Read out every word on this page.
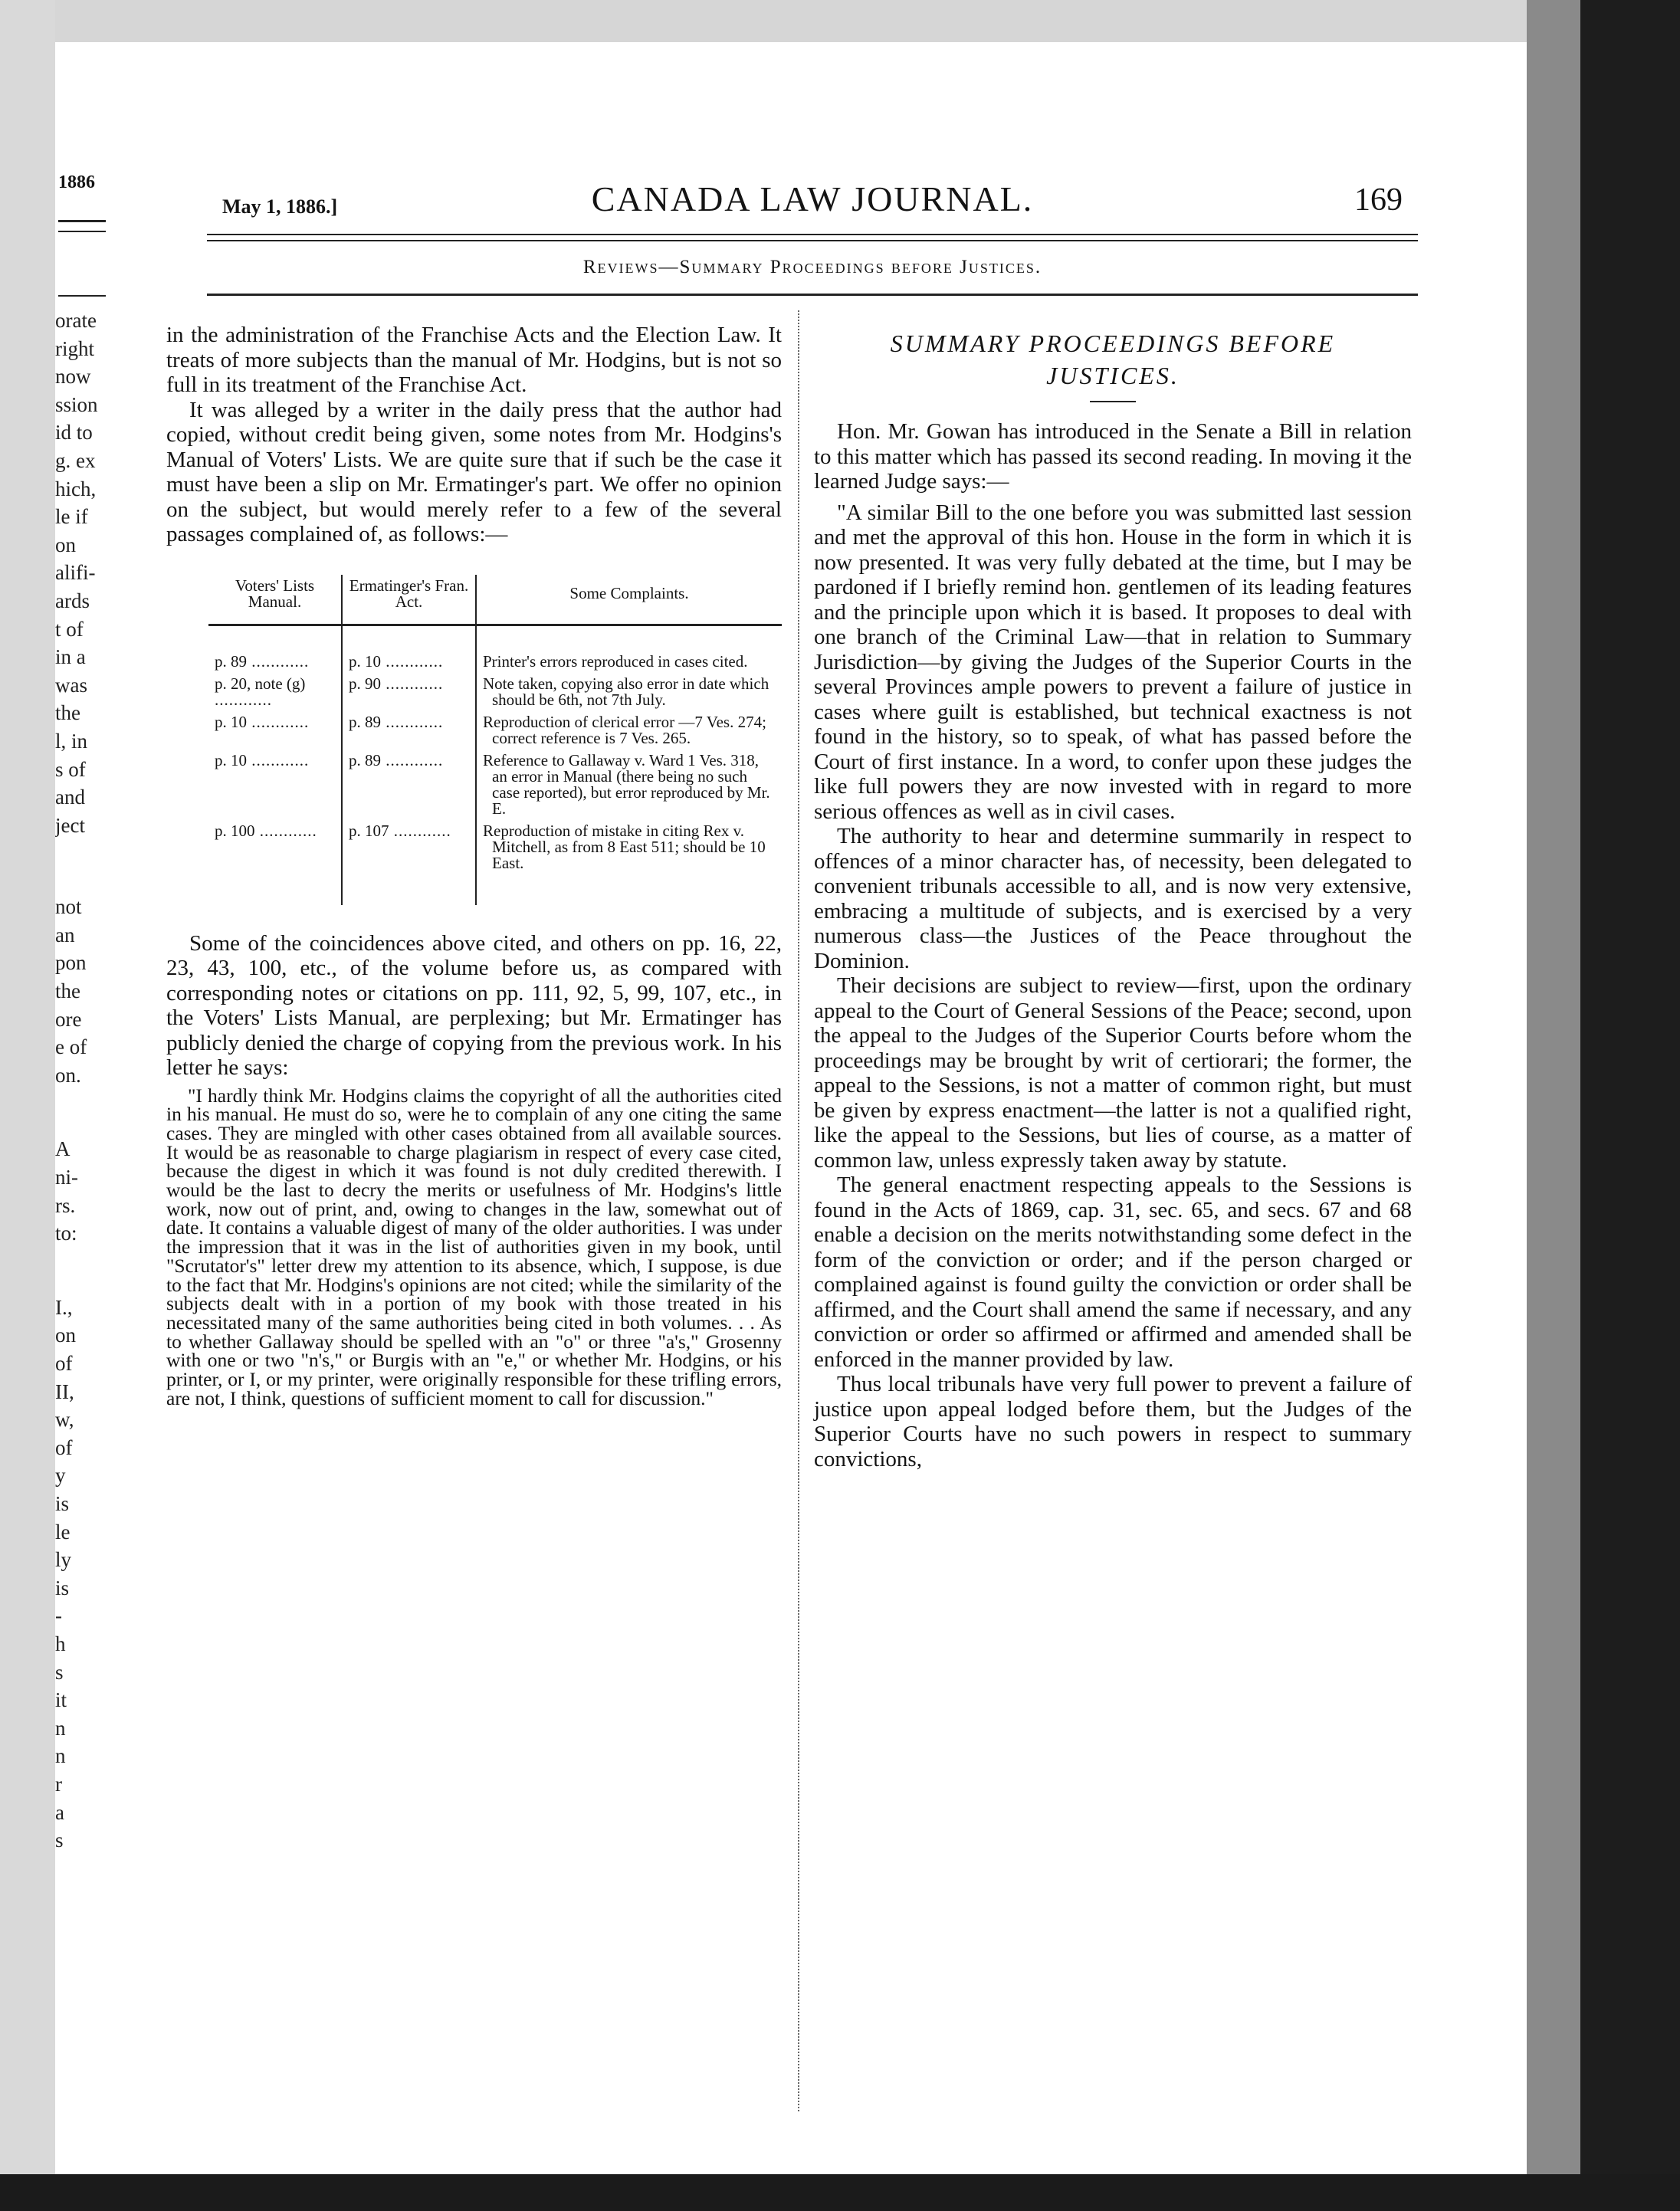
1886
orate
right
now
ssion
id to
g. ex
hich,
le if
on
alifi-
ards
t of
in a
was
the
l, in
s of
and
ject
not
an
pon
the
ore
e of
on.
A
ni-
rs.
to:
I.,
on
of
II,
w,
of
y
is
le
ly
is
-
h
s
it
n
n
r
a
s
May 1, 1886.]	CANADA LAW JOURNAL.	169
Reviews—Summary Proceedings before Justices.

in the administration of the Franchise Acts and the Election Law. It treats of more subjects than the manual of Mr. Hodgins, but is not so full in its treatment of the Franchise Act.

It was alleged by a writer in the daily press that the author had copied, without credit being given, some notes from Mr. Hodgins's Manual of Voters' Lists. We are quite sure that if such be the case it must have been a slip on Mr. Ermatinger's part. We offer no opinion on the subject, but would merely refer to a few of the several passages complained of, as follows:—

Voters' Lists Manual.	Ermatinger's Fran. Act.	Some Complaints.
p. 89 .....	p. 10 .....	Printer's errors reproduced in cases cited.
p. 20, note (g) .....	p. 90 .....	Note taken, copying also error in date which should be 6th, not 7th July.
p. 10 .....	p. 89 .....	Reproduction of clerical error —7 Ves. 274; correct reference is 7 Ves. 265.
p. 10 .....	p. 89 .....	Reference to Gallaway v. Ward 1 Ves. 318, an error in Manual (there being no such case reported), but error reproduced by Mr. E.
p. 100 .....	p. 107 .....	Reproduction of mistake in citing Rex v. Mitchell, as from 8 East 511; should be 10 East.

Some of the coincidences above cited, and others on pp. 16, 22, 23, 43, 100, etc., of the volume before us, as compared with corresponding notes or citations on pp. 111, 92, 5, 99, 107, etc., in the Voters' Lists Manual, are perplexing; but Mr. Ermatinger has publicly denied the charge of copying from the previous work. In his letter he says:

"I hardly think Mr. Hodgins claims the copyright of all the authorities cited in his manual. He must do so, were he to complain of any one citing the same cases. They are mingled with other cases obtained from all available sources. It would be as reasonable to charge plagiarism in respect of every case cited, because the digest in which it was found is not duly credited therewith. I would be the last to decry the merits or usefulness of Mr. Hodgins's little work, now out of print, and, owing to changes in the law, somewhat out of date. It contains a valuable digest of many of the older authorities. I was under the impression that it was in the list of authorities given in my book, until "Scrutator's" letter drew my attention to its absence, which, I suppose, is due to the fact that Mr. Hodgins's opinions are not cited; while the similarity of the subjects dealt with in a portion of my book with those treated in his necessitated many of the same authorities being cited in both volumes. . . As to whether Gallaway should be spelled with an "o" or three "a's," Grosenny with one or two "n's," or Burgis with an "e," or whether Mr. Hodgins, or his printer, or I, or my printer, were originally responsible for these trifling errors, are not, I think, questions of sufficient moment to call for discussion."

SUMMARY PROCEEDINGS BEFORE
JUSTICES.

Hon. Mr. Gowan has introduced in the Senate a Bill in relation to this matter which has passed its second reading. In moving it the learned Judge says:—

"A similar Bill to the one before you was submitted last session and met the approval of this hon. House in the form in which it is now presented. It was very fully debated at the time, but I may be pardoned if I briefly remind hon. gentlemen of its leading features and the principle upon which it is based. It proposes to deal with one branch of the Criminal Law—that in relation to Summary Jurisdiction—by giving the Judges of the Superior Courts in the several Provinces ample powers to prevent a failure of justice in cases where guilt is established, but technical exactness is not found in the history, so to speak, of what has passed before the Court of first instance. In a word, to confer upon these judges the like full powers they are now invested with in regard to more serious offences as well as in civil cases.

The authority to hear and determine summarily in respect to offences of a minor character has, of necessity, been delegated to convenient tribunals accessible to all, and is now very extensive, embracing a multitude of subjects, and is exercised by a very numerous class—the Justices of the Peace throughout the Dominion.

Their decisions are subject to review—first, upon the ordinary appeal to the Court of General Sessions of the Peace; second, upon the appeal to the Judges of the Superior Courts before whom the proceedings may be brought by writ of certiorari; the former, the appeal to the Sessions, is not a matter of common right, but must be given by express enactment—the latter is not a qualified right, like the appeal to the Sessions, but lies of course, as a matter of common law, unless expressly taken away by statute.

The general enactment respecting appeals to the Sessions is found in the Acts of 1869, cap. 31, sec. 65, and secs. 67 and 68 enable a decision on the merits notwithstanding some defect in the form of the conviction or order; and if the person charged or complained against is found guilty the conviction or order shall be affirmed, and the Court shall amend the same if necessary, and any conviction or order so affirmed or affirmed and amended shall be enforced in the manner provided by law.

Thus local tribunals have very full power to prevent a failure of justice upon appeal lodged before them, but the Judges of the Superior Courts have no such powers in respect to summary convictions,
